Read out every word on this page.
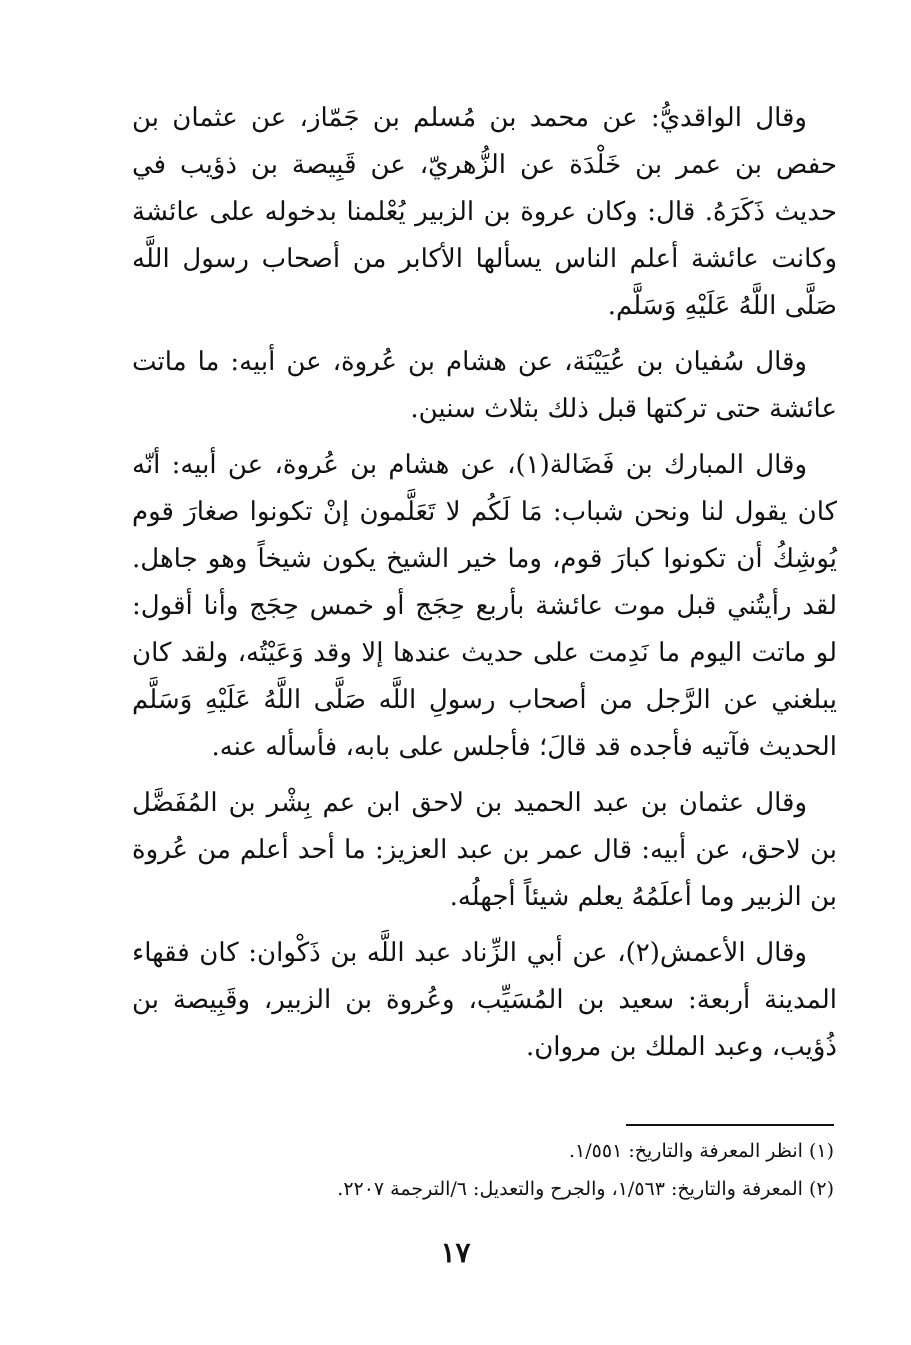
وقال الواقديُّ: عن محمد بن مُسلم بن جَمّاز، عن عثمان بن حفص بن عمر بن خَلْدَة عن الزُّهريّ، عن قَبِيصة بن ذؤيب في حديث ذَكَرَهُ. قال: وكان عروة بن الزبير يُعْلمنا بدخوله على عائشة وكانت عائشة أعلم الناس يسألها الأكابر من أصحاب رسول اللَّه صَلَّى اللَّهُ عَلَيْهِ وَسَلَّم.

وقال سُفيان بن عُيَيْنَة، عن هشام بن عُروة، عن أبيه: ما ماتت عائشة حتى تركتها قبل ذلك بثلاث سنين.

وقال المبارك بن فَضَالة(١)، عن هشام بن عُروة، عن أبيه: أنّه كان يقول لنا ونحن شباب: مَا لَكُم لا تَعَلَّمون إنْ تكونوا صغارَ قوم يُوشِكُ أن تكونوا كبارَ قوم، وما خير الشيخ يكون شيخاً وهو جاهل. لقد رأيتُني قبل موت عائشة بأربع حِجَج أو خمس حِجَج وأنا أقول: لو ماتت اليوم ما نَدِمت على حديث عندها إلا وقد وَعَيْتُه، ولقد كان يبلغني عن الرَّجل من أصحاب رسولِ اللَّه صَلَّى اللَّهُ عَلَيْهِ وَسَلَّم الحديث فآتيه فأجده قد قالَ؛ فأجلس على بابه، فأسأله عنه.

وقال عثمان بن عبد الحميد بن لاحق ابن عم بِشْر بن المُفَضَّل بن لاحق، عن أبيه: قال عمر بن عبد العزيز: ما أحد أعلم من عُروة بن الزبير وما أعلَمُهُ يعلم شيئاً أجهلُه.

وقال الأعمش(٢)، عن أبي الزِّناد عبد اللَّه بن ذَكْوان: كان فقهاء المدينة أربعة: سعيد بن المُسَيِّب، وعُروة بن الزبير، وقَبِيصة بن ذُؤيب، وعبد الملك بن مروان.

(١) انظر المعرفة والتاريخ: ١/٥٥١.

(٢) المعرفة والتاريخ: ١/٥٦٣، والجرح والتعديل: ٦/الترجمة ٢٢٠٧.

١٧
